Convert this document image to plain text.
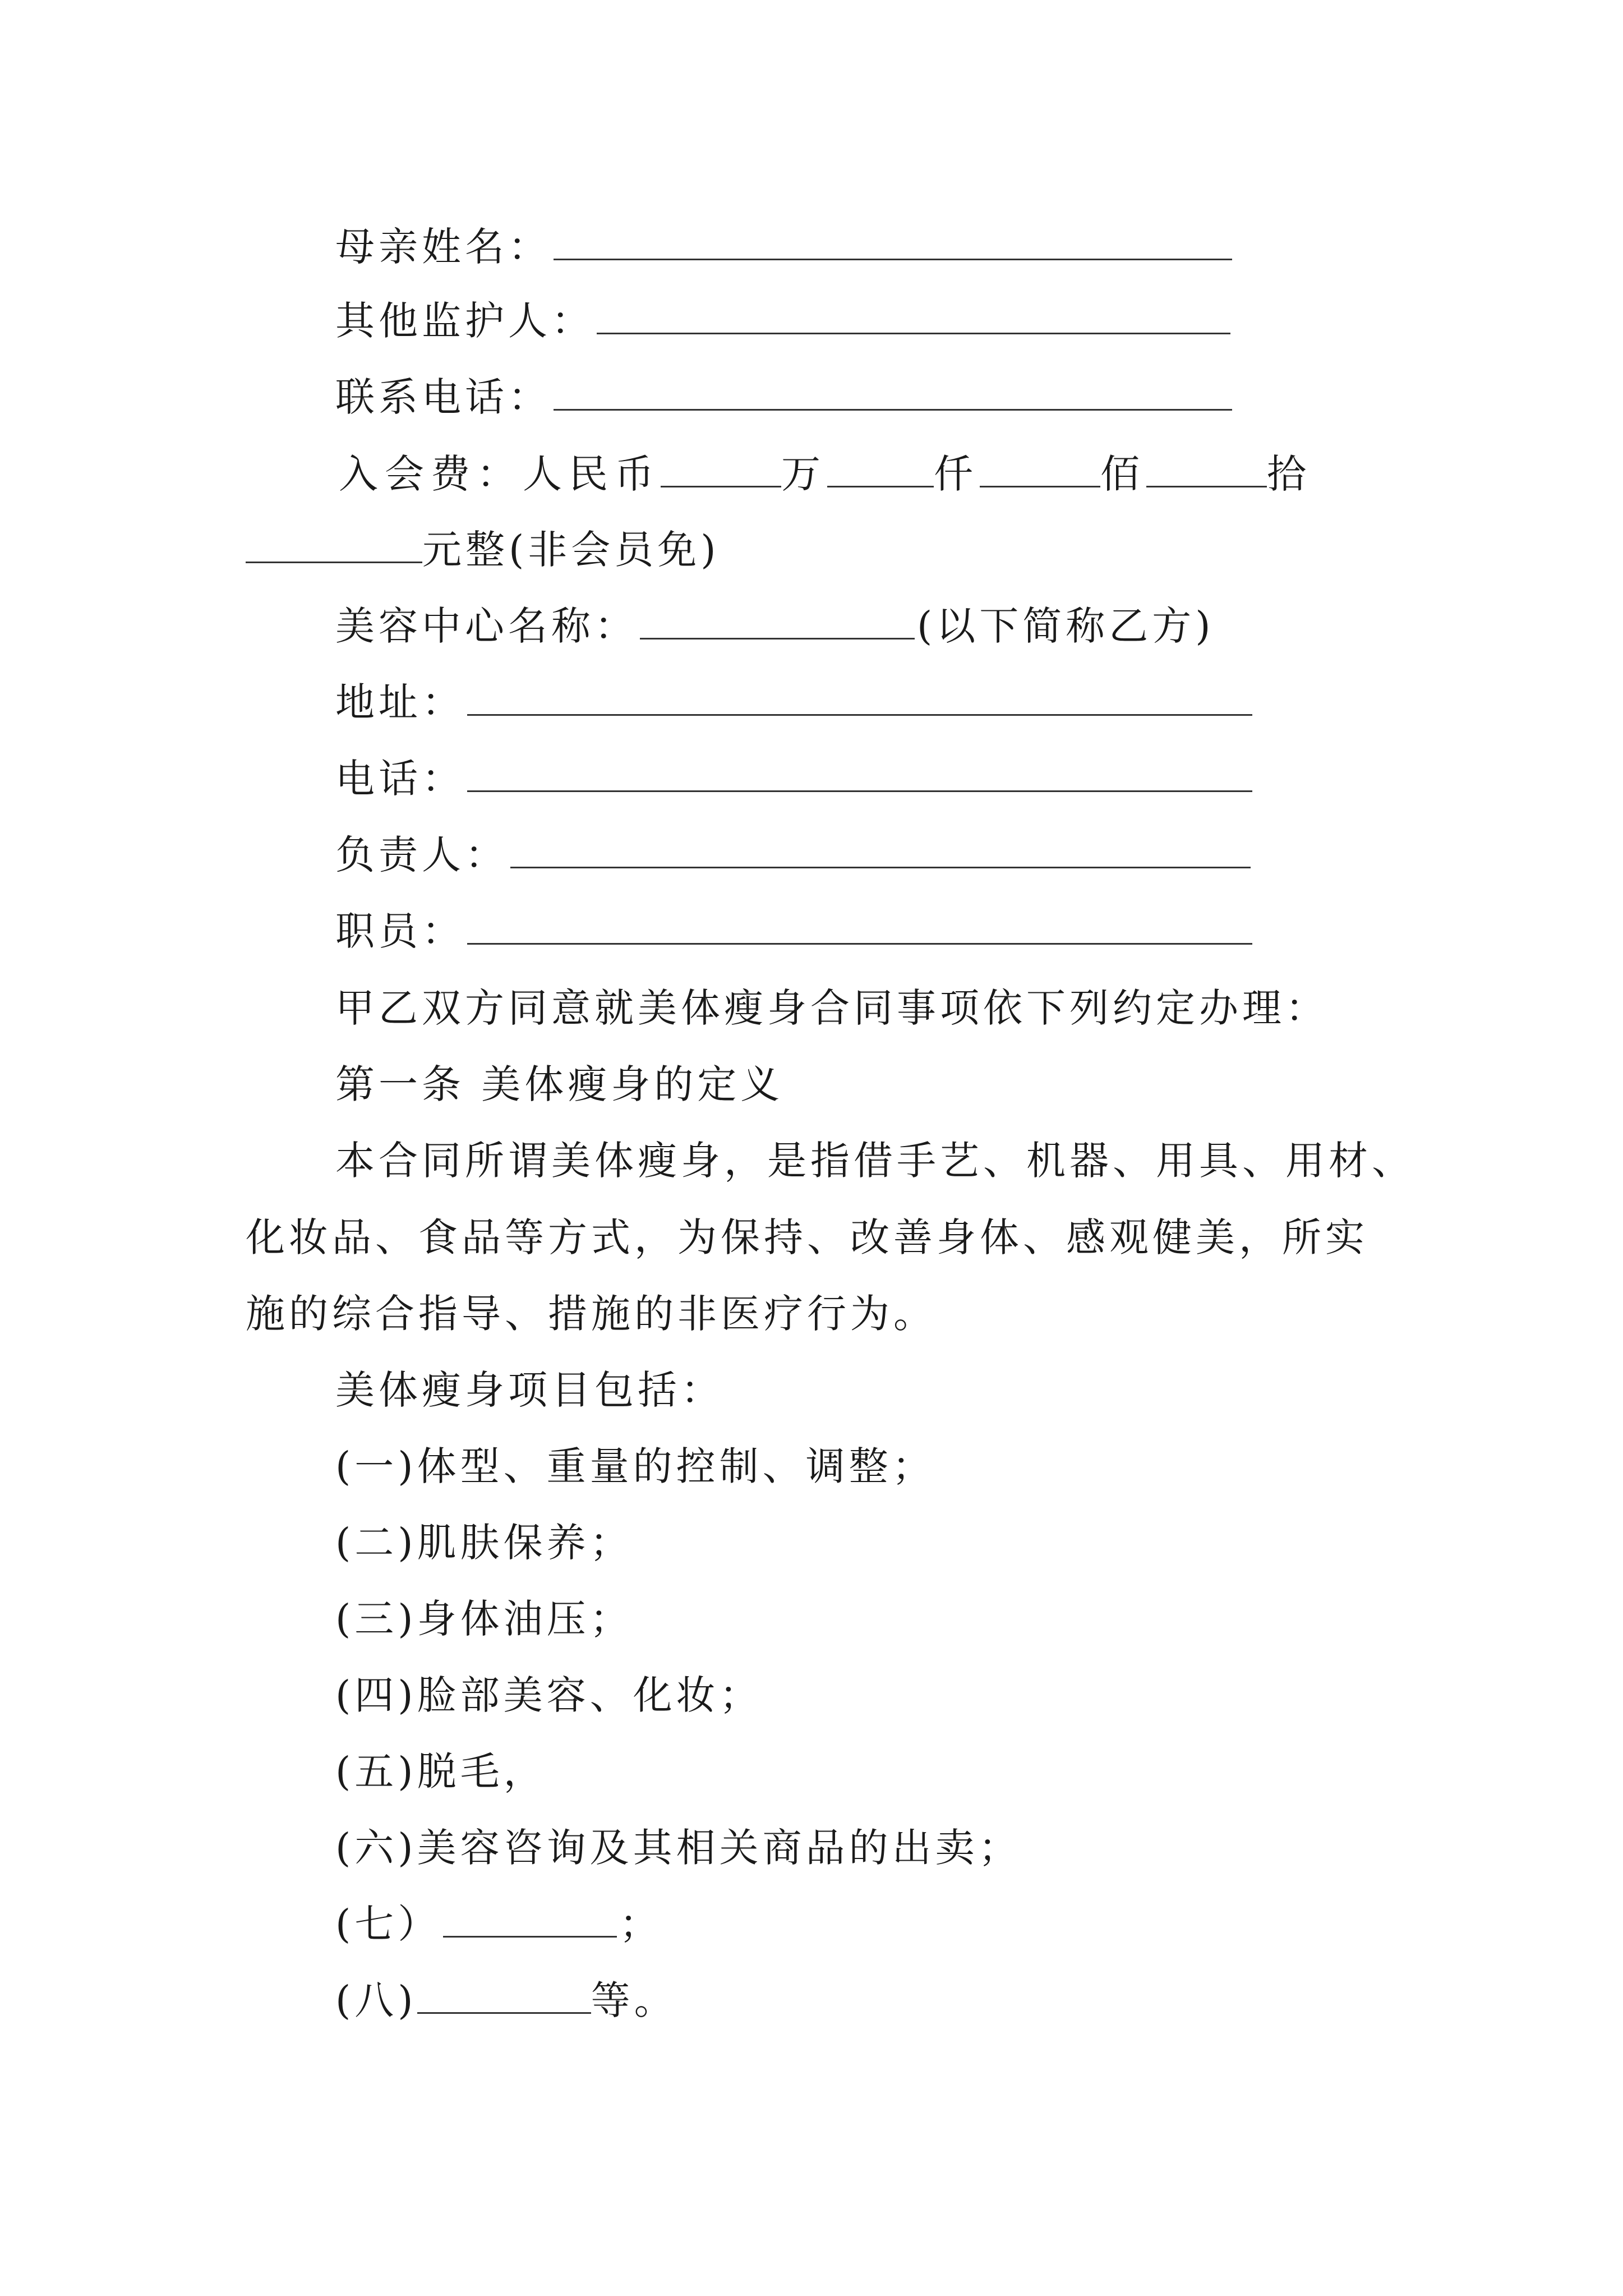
母亲姓名：
其他监护人：
联系电话：
入会费：人民币	万	仟	佰	拾
元整(非会员免)
美容中心名称：	(以下简称乙方)
地址：
电话：
负责人：
职员：
甲乙双方同意就美体瘦身合同事项依下列约定办理：
第一条 美体瘦身的定义
本合同所谓美体瘦身，是指借手艺、机器、用具、用材、
化妆品、食品等方式，为保持、改善身体、感观健美，所实
施的综合指导、措施的非医疗行为。
美体瘦身项目包括：
(一)体型、重量的控制、调整；
(二)肌肤保养；
(三)身体油压；
(四)脸部美容、化妆；
(五)脱毛，
(六)美容咨询及其相关商品的出卖；
(七）	；
(八)	等。
